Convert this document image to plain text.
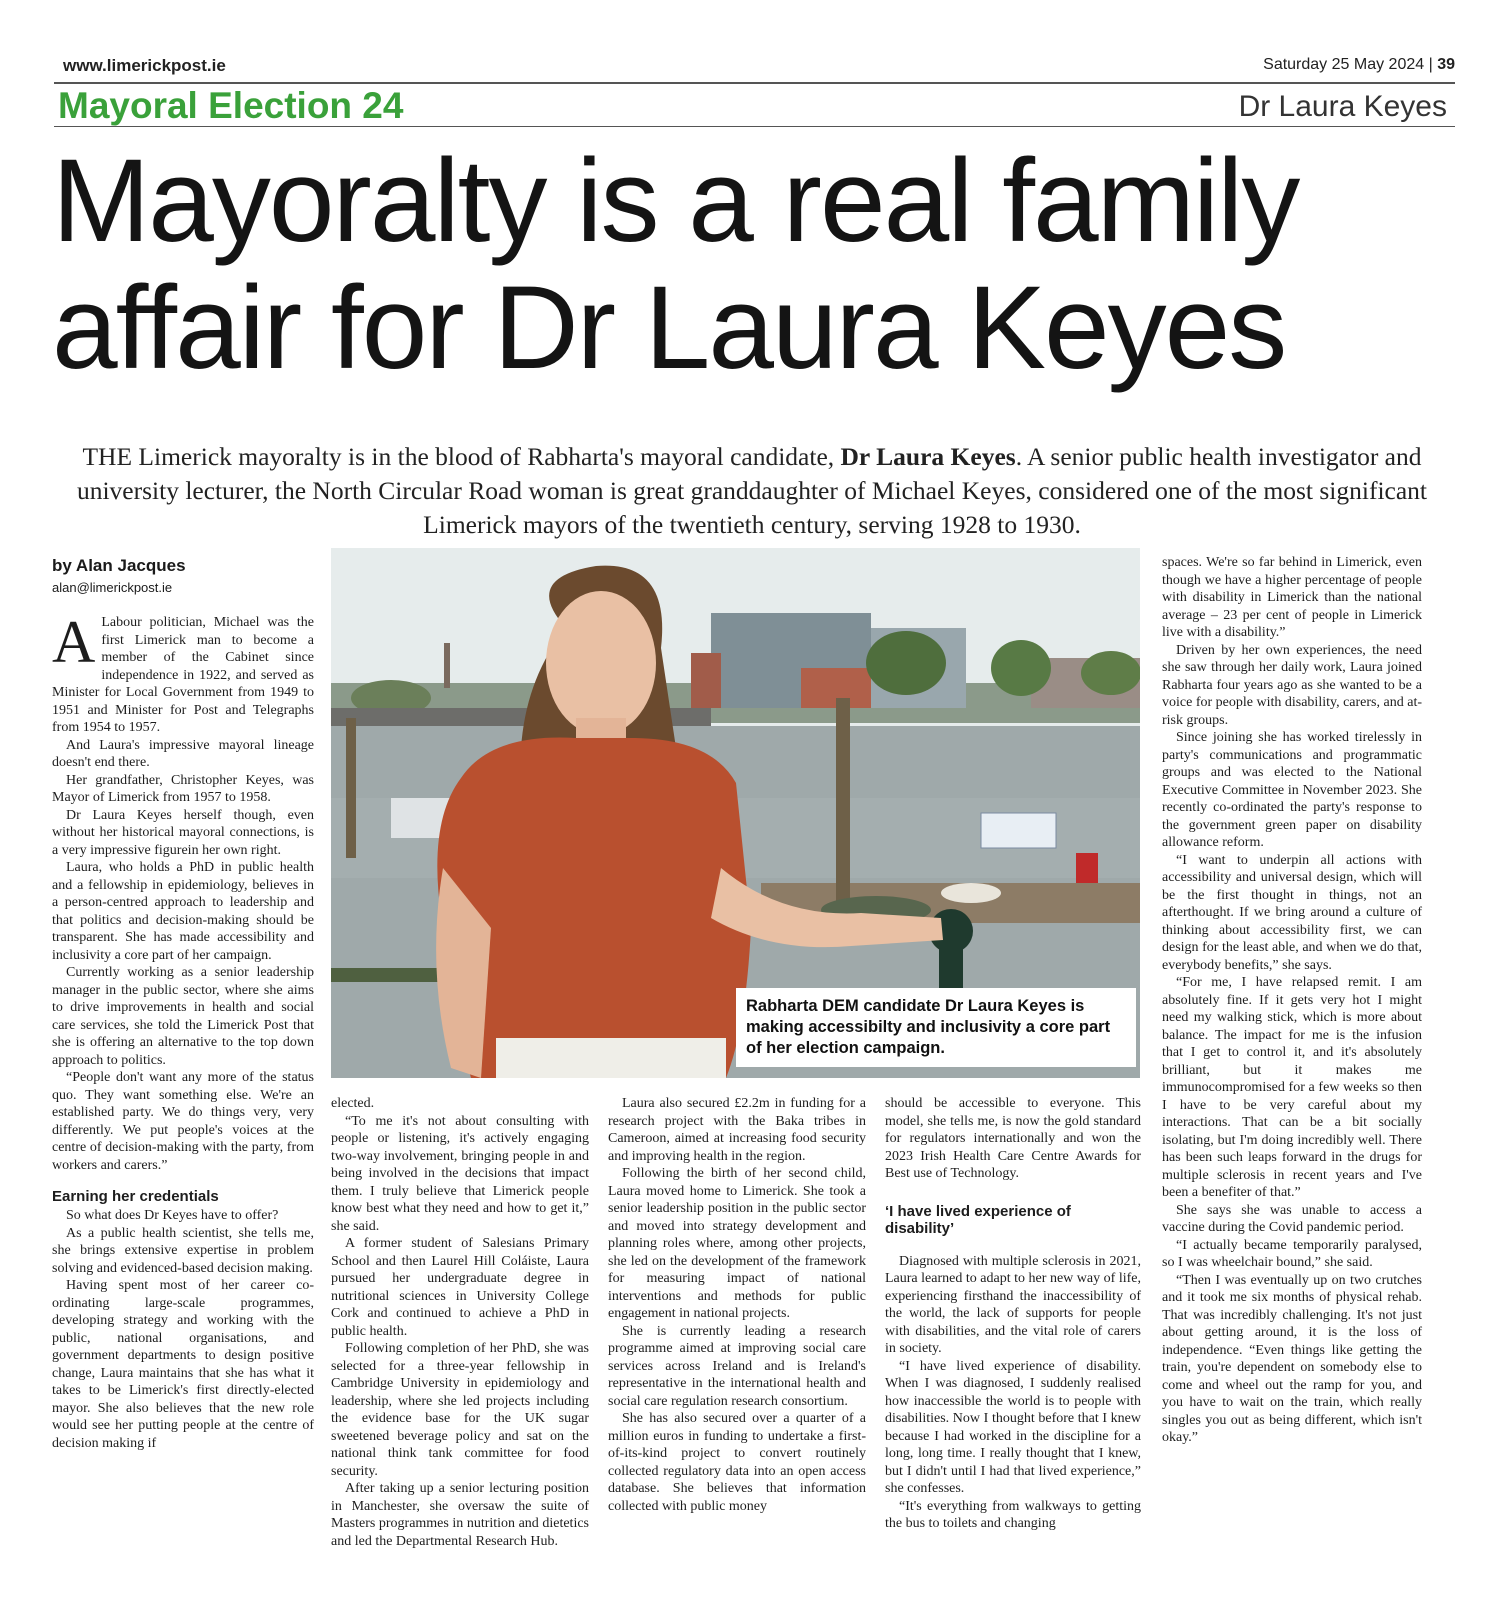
www.limerickpost.ie	Saturday 25 May 2024 | 39
Mayoral Election 24	Dr Laura Keyes
Mayoralty is a real family
affair for Dr Laura Keyes
THE Limerick mayoralty is in the blood of Rabharta's mayoral candidate, Dr Laura Keyes. A senior public health investigator and university lecturer, the North Circular Road woman is great granddaughter of Michael Keyes, considered one of the most significant Limerick mayors of the twentieth century, serving 1928 to 1930.
by Alan Jacques
alan@limerickpost.ie

A Labour politician, Michael was the first Limerick man to become a member of the Cabinet since independence in 1922, and served as Minister for Local Government from 1949 to 1951 and Minister for Post and Telegraphs from 1954 to 1957.

And Laura's impressive mayoral lineage doesn't end there.

Her grandfather, Christopher Keyes, was Mayor of Limerick from 1957 to 1958.

Dr Laura Keyes herself though, even without her historical mayoral connections, is a very impressive figurein her own right.

Laura, who holds a PhD in public health and a fellowship in epidemiology, believes in a person-centred approach to leadership and that politics and decision-making should be transparent. She has made accessibility and inclusivity a core part of her campaign.

Currently working as a senior leadership manager in the public sector, where she aims to drive improvements in health and social care services, she told the Limerick Post that she is offering an alternative to the top down approach to politics.

“People don't want any more of the status quo. They want something else. We're an established party. We do things very, very differently. We put people's voices at the centre of decision-making with the party, from workers and carers.”

Earning her credentials

So what does Dr Keyes have to offer?

As a public health scientist, she tells me, she brings extensive expertise in problem solving and evidenced-based decision making.

Having spent most of her career co-ordinating large-scale programmes, developing strategy and working with the public, national organisations, and government departments to design positive change, Laura maintains that she has what it takes to be Limerick's first directly-elected mayor. She also believes that the new role would see her putting people at the centre of decision making if

Rabharta DEM candidate Dr Laura Keyes is making accessibilty and inclusivity a core part of her election campaign.

elected.

“To me it's not about consulting with people or listening, it's actively engaging two-way involvement, bringing people in and being involved in the decisions that impact them. I truly believe that Limerick people know best what they need and how to get it,” she said.

A former student of Salesians Primary School and then Laurel Hill Coláiste, Laura pursued her undergraduate degree in nutritional sciences in University College Cork and continued to achieve a PhD in public health.

Following completion of her PhD, she was selected for a three-year fellowship in Cambridge University in epidemiology and leadership, where she led projects including the evidence base for the UK sugar sweetened beverage policy and sat on the national think tank committee for food security.

After taking up a senior lecturing position in Manchester, she oversaw the suite of Masters programmes in nutrition and dietetics and led the Departmental Research Hub.

Laura also secured £2.2m in funding for a research project with the Baka tribes in Cameroon, aimed at increasing food security and improving health in the region.

Following the birth of her second child, Laura moved home to Limerick. She took a senior leadership position in the public sector and moved into strategy development and planning roles where, among other projects, she led on the development of the framework for measuring impact of national interventions and methods for public engagement in national projects.

She is currently leading a research programme aimed at improving social care services across Ireland and is Ireland's representative in the international health and social care regulation research consortium.

She has also secured over a quarter of a million euros in funding to undertake a first-of-its-kind project to convert routinely collected regulatory data into an open access database. She believes that information collected with public money

should be accessible to everyone. This model, she tells me, is now the gold standard for regulators internationally and won the 2023 Irish Health Care Centre Awards for Best use of Technology.

‘I have lived experience of disability’

Diagnosed with multiple sclerosis in 2021, Laura learned to adapt to her new way of life, experiencing firsthand the inaccessibility of the world, the lack of supports for people with disabilities, and the vital role of carers in society.

“I have lived experience of disability. When I was diagnosed, I suddenly realised how inaccessible the world is to people with disabilities. Now I thought before that I knew because I had worked in the discipline for a long, long time. I really thought that I knew, but I didn't until I had that lived experience,” she confesses.

“It's everything from walkways to getting the bus to toilets and changing

spaces. We're so far behind in Limerick, even though we have a higher percentage of people with disability in Limerick than the national average – 23 per cent of people in Limerick live with a disability.”

Driven by her own experiences, the need she saw through her daily work, Laura joined Rabharta four years ago as she wanted to be a voice for people with disability, carers, and at-risk groups.

Since joining she has worked tirelessly in party's communications and programmatic groups and was elected to the National Executive Committee in November 2023. She recently co-ordinated the party's response to the government green paper on disability allowance reform.

“I want to underpin all actions with accessibility and universal design, which will be the first thought in things, not an afterthought. If we bring around a culture of thinking about accessibility first, we can design for the least able, and when we do that, everybody benefits,” she says.

“For me, I have relapsed remit. I am absolutely fine. If it gets very hot I might need my walking stick, which is more about balance. The impact for me is the infusion that I get to control it, and it's absolutely brilliant, but it makes me immunocompromised for a few weeks so then I have to be very careful about my interactions. That can be a bit socially isolating, but I'm doing incredibly well. There has been such leaps forward in the drugs for multiple sclerosis in recent years and I've been a benefiter of that.”

She says she was unable to access a vaccine during the Covid pandemic period.

“I actually became temporarily paralysed, so I was wheelchair bound,” she said.

“Then I was eventually up on two crutches and it took me six months of physical rehab. That was incredibly challenging. It's not just about getting around, it is the loss of independence. “Even things like getting the train, you're dependent on somebody else to come and wheel out the ramp for you, and you have to wait on the train, which really singles you out as being different, which isn't okay.”
